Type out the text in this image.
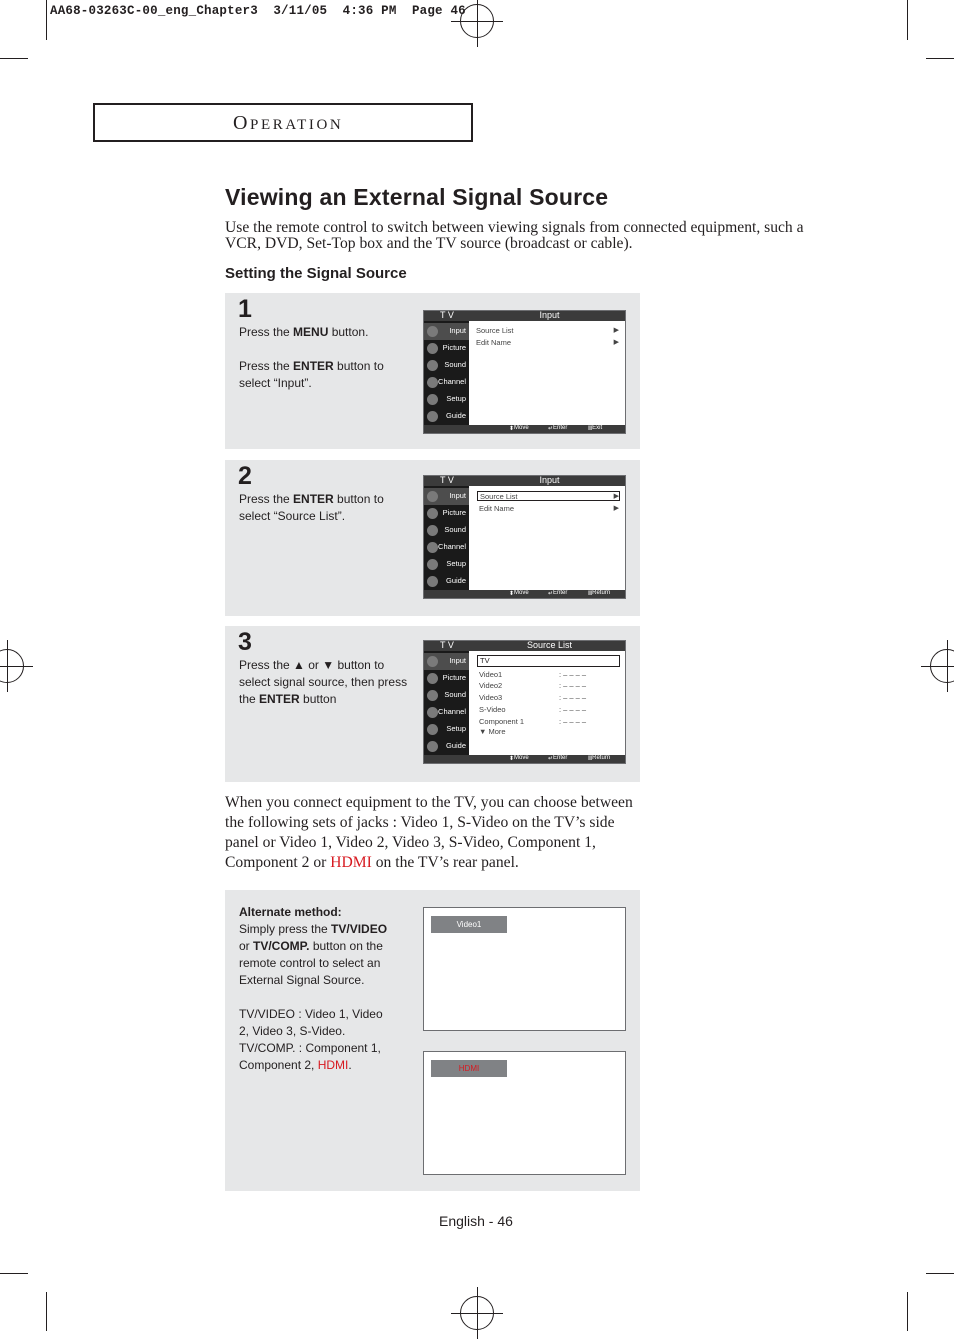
AA68-03263C-00_eng_Chapter3  3/11/05  4:36 PM  Page 46
OPERATION
Viewing an External Signal Source
Use the remote control to switch between viewing signals from connected equipment, such a VCR, DVD, Set-Top box and the TV source (broadcast or cable).
Setting the Signal Source
1
Press the MENU button.

Press the ENTER button to select “Input”.
T V	Input
Input
Picture
Sound
Channel
Setup
Guide
Source List	▶
Edit Name	▶
⬍ Move	↵ Enter	Ⅲ Exit
2
Press the ENTER button to select “Source List”.
T V	Input
Input
Picture
Sound
Channel
Setup
Guide
Source List	▶
Edit Name	▶
⬍ Move	↵ Enter	Ⅲ Return
3
Press the ▲ or ▼ button to select signal source, then press the ENTER button
T V	Source List
Input
Picture
Sound
Channel
Setup
Guide
TV
Video1	: – – – –
Video2	: – – – –
Video3	: – – – –
S-Video	: – – – –
Component 1	: – – – –
▼ More
⬍ Move	↵ Enter	Ⅲ Return
When you connect equipment to the TV, you can choose between the following sets of jacks : Video 1, S-Video on the TV’s side panel or Video 1, Video 2, Video 3, S-Video, Component 1, Component 2 or HDMI on the TV’s rear panel.
Alternate method:
Simply press the TV/VIDEO or TV/COMP. button on the remote control to select an External Signal Source.

TV/VIDEO : Video 1, Video 2, Video 3, S-Video.
TV/COMP. : Component 1, Component 2, HDMI.
Video1
HDMI
English - 46
